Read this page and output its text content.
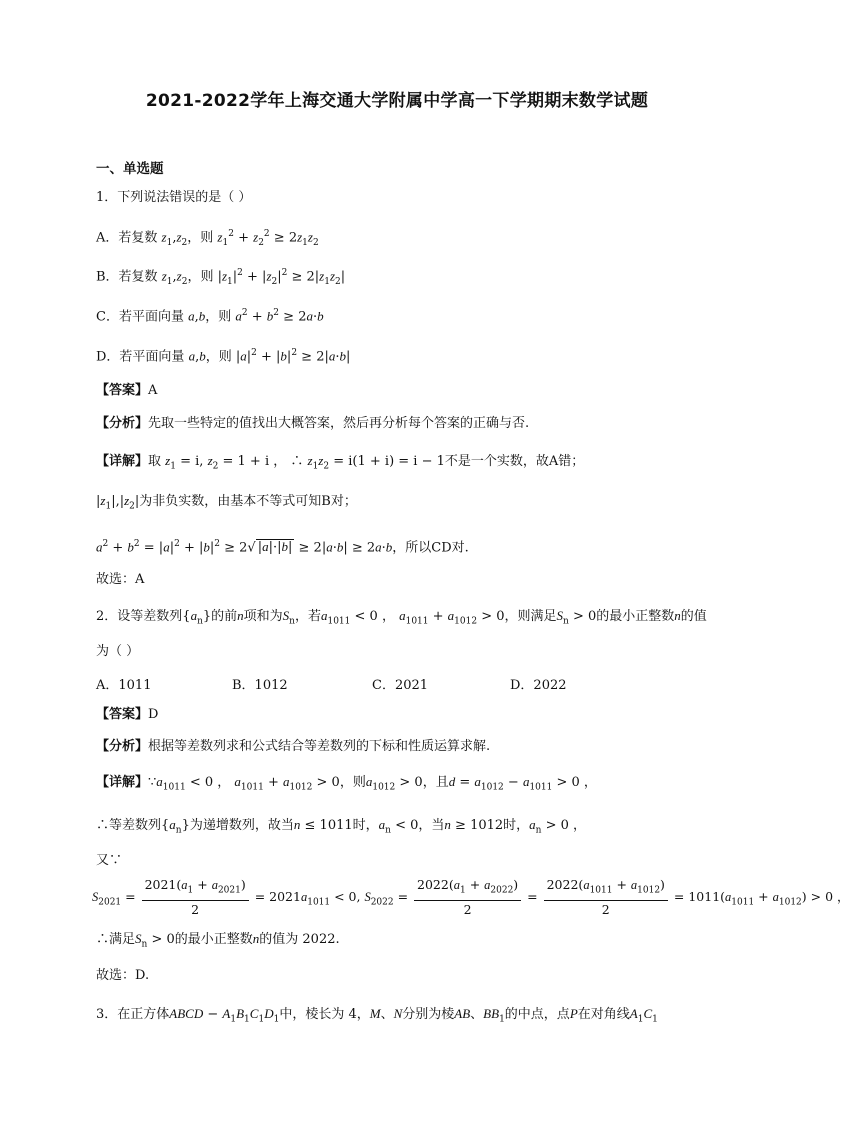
2021-2022学年上海交通大学附属中学高一下学期期末数学试题
一、单选题
1．下列说法错误的是（ ）
A．若复数 $z_1,z_2$，则 $z_1^2 + z_2^2 \ge 2z_1z_2$
B．若复数 $z_1,z_2$，则 $|z_1|^2 + |z_2|^2 \ge 2|z_1z_2|$
C．若平面向量 a,b，则 $a^2 + b^2 \ge 2a\cdot b$
D．若平面向量 a,b，则 $|a|^2 + |b|^2 \ge 2|a\cdot b|$
【答案】A
【分析】先取一些特定的值找出大概答案，然后再分析每个答案的正确与否.
【详解】取 $z_1 = i$, $z_2 = 1 + i$ ， ∴ $z_1z_2 = i(1 + i) = i - 1$不是一个实数，故A错；
$|z_1|,|z_2|$为非负实数，由基本不等式可知B对；
$a^2 + b^2 = |a|^2 + |b|^2 \ge 2√$ |a|·|b| ≥ 2|a·b| ≥ 2a·b，所以CD对.
故选：A
2．设等差数列$\{a_n\}$的前n项和为$S_n$，若$a_{1011} < 0$ ， $a_{1011} + a_{1012} > 0$，则满足$S_n > 0$的最小正整数n的值
为（ ）
A．1011	B．1012	C．2021	D．2022
【答案】D
【分析】根据等差数列求和公式结合等差数列的下标和性质运算求解.
【详解】$\because a_{1011} < 0$ ， $a_{1011} + a_{1012} > 0$，则$a_{1012} > 0$，且$d = a_{1012} - a_{1011} > 0$ ，
∴等差数列$\{a_n\}$为递增数列，故当n ≤ 1011时，$a_n < 0$，当n ≥ 1012时，$a_n > 0$ ，
又∵
$S_{2021} = \frac{2021(a_1 + a_{2021})}{2} = 2021a_{1011} < 0$, $S_{2022} = \frac{2022(a_1 + a_{2022})}{2} = \frac{2022(a_{1011} + a_{1012})}{2} = 1011(a_{1011} + a_{1012}) > 0$ ，
∴满足$S_n > 0$的最小正整数n的值为 2022.
故选：D.
3．在正方体ABCD − $A_1B_1C_1D_1$中，棱长为 4，M、N分别为棱AB、$BB_1$的中点，点P在对角线$A_1C_1$
